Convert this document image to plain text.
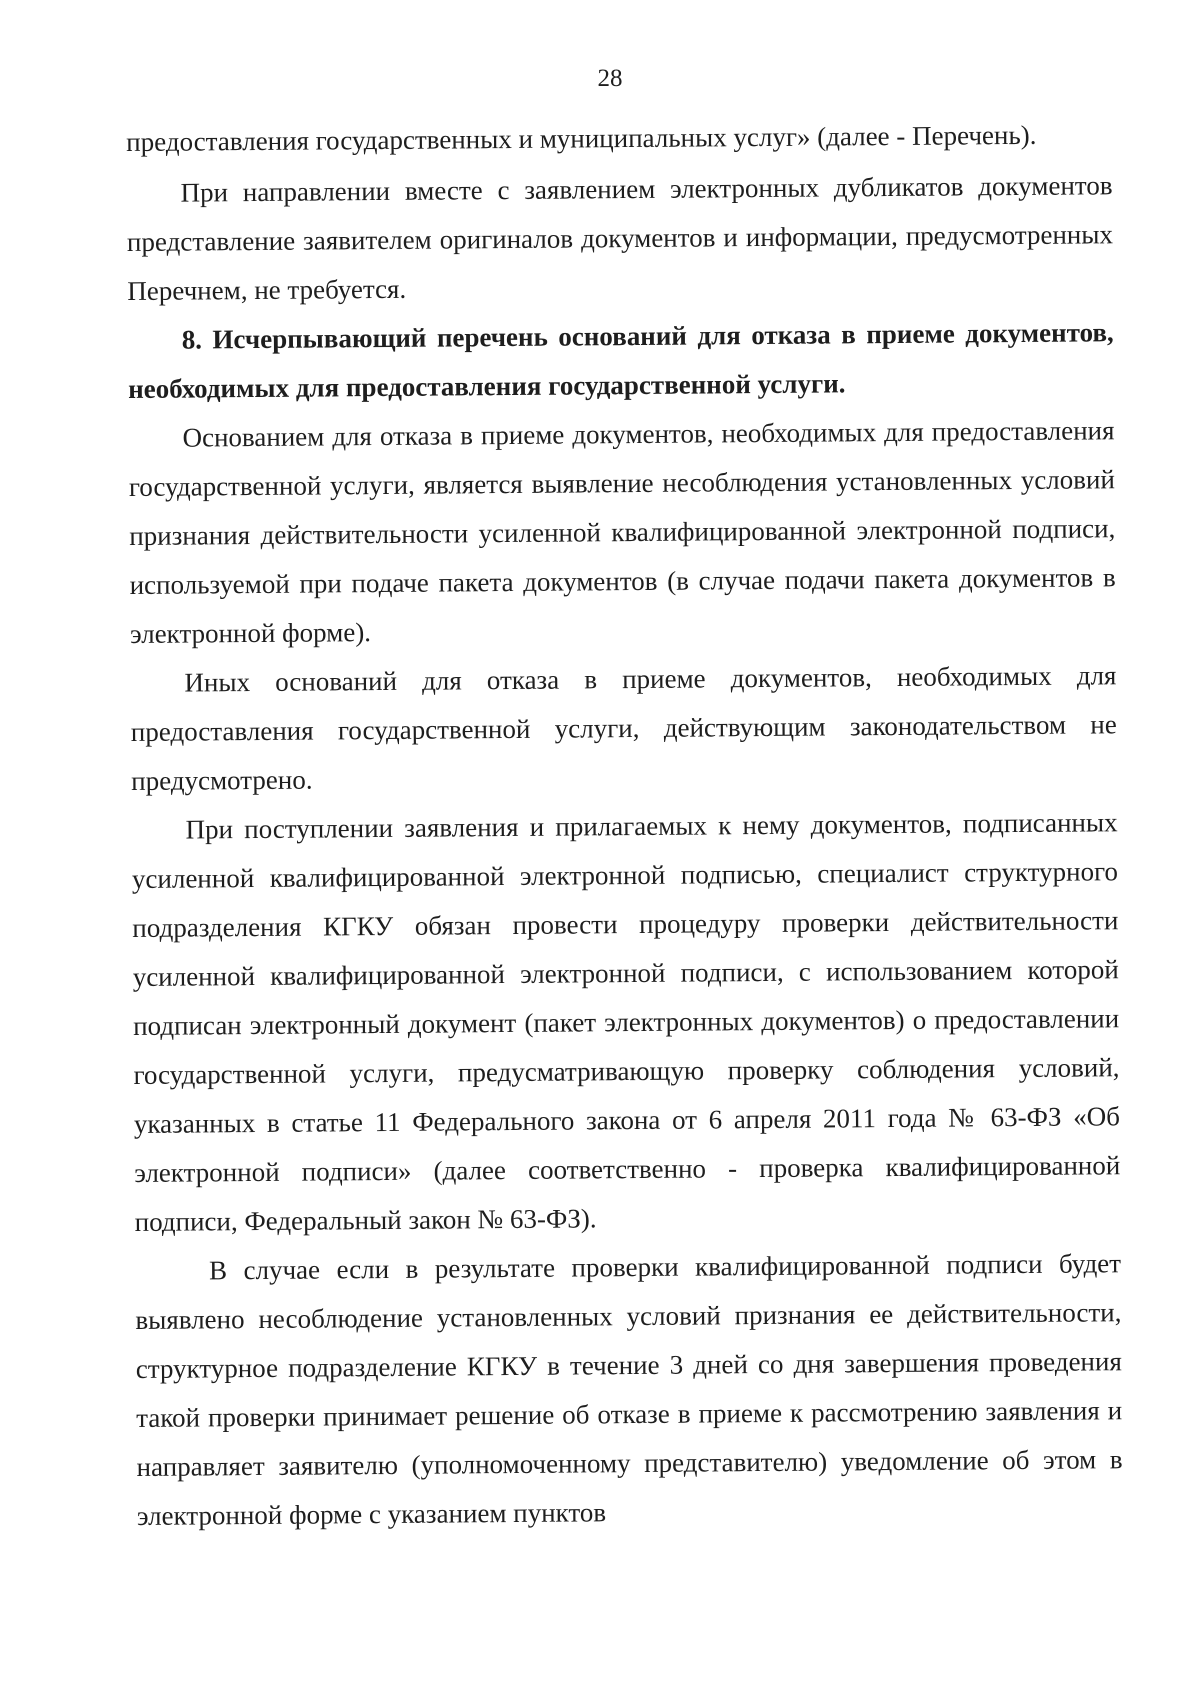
28

предоставления государственных и муниципальных услуг» (далее - Перечень).

При направлении вместе с заявлением электронных дубликатов документов представление заявителем оригиналов документов и информации, предусмотренных Перечнем, не требуется.

8. Исчерпывающий перечень оснований для отказа в приеме документов, необходимых для предоставления государственной услуги.

Основанием для отказа в приеме документов, необходимых для предоставления государственной услуги, является выявление несоблюдения установленных условий признания действительности усиленной квалифицированной электронной подписи, используемой при подаче пакета документов (в случае подачи пакета документов в электронной форме).

Иных оснований для отказа в приеме документов, необходимых для предоставления государственной услуги, действующим законодательством не предусмотрено.

При поступлении заявления и прилагаемых к нему документов, подписанных усиленной квалифицированной электронной подписью, специалист структурного подразделения КГКУ обязан провести процедуру проверки действительности усиленной квалифицированной электронной подписи, с использованием которой подписан электронный документ (пакет электронных документов) о предоставлении государственной услуги, предусматривающую проверку соблюдения условий, указанных в статье 11 Федерального закона от 6 апреля 2011 года № 63-ФЗ «Об электронной подписи» (далее соответственно - проверка квалифицированной подписи, Федеральный закон № 63-ФЗ).

В случае если в результате проверки квалифицированной подписи будет выявлено несоблюдение установленных условий признания ее действительности, структурное подразделение КГКУ в течение 3 дней со дня завершения проведения такой проверки принимает решение об отказе в приеме к рассмотрению заявления и направляет заявителю (уполномоченному представителю) уведомление об этом в электронной форме с указанием пунктов
